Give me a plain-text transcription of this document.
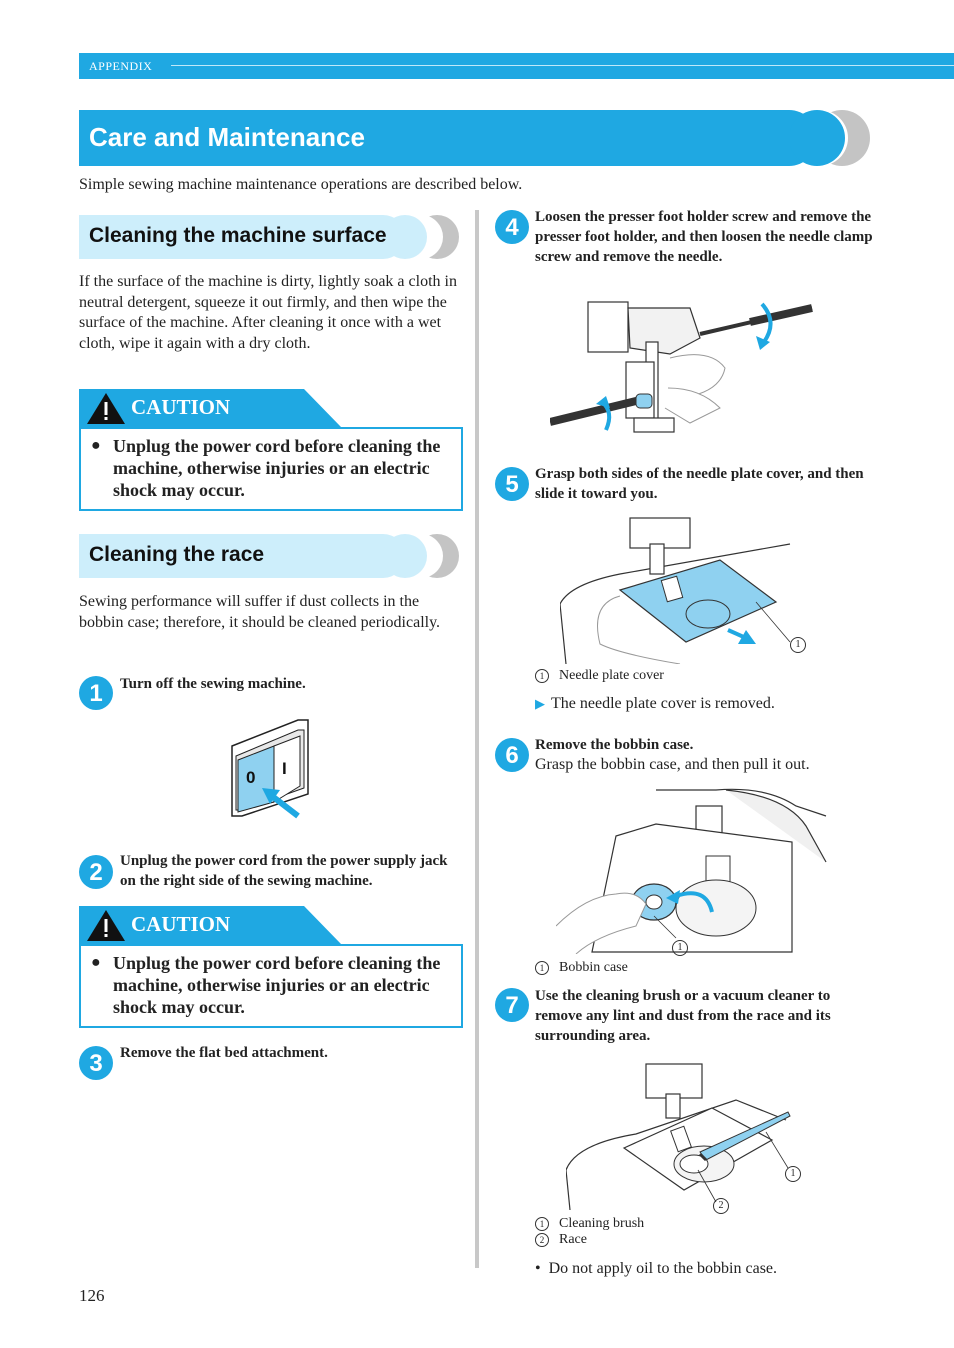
APPENDIX
Care and Maintenance
Simple sewing machine maintenance operations are described below.
Cleaning the machine surface
If the surface of the machine is dirty, lightly soak a cloth in neutral detergent, squeeze it out firmly, and then wipe the surface of the machine. After cleaning it once with a wet cloth, wipe it again with a dry cloth.
CAUTION
● Unplug the power cord before cleaning the machine, otherwise injuries or an electric shock may occur.
Cleaning the race
Sewing performance will suffer if dust collects in the bobbin case; therefore, it should be cleaned periodically.
1 Turn off the sewing machine.
0 I
2 Unplug the power cord from the power supply jack on the right side of the sewing machine.
CAUTION
● Unplug the power cord before cleaning the machine, otherwise injuries or an electric shock may occur.
3 Remove the flat bed attachment.
4 Loosen the presser foot holder screw and remove the presser foot holder, and then loosen the needle clamp screw and remove the needle.
5 Grasp both sides of the needle plate cover, and then slide it toward you.
1
1 Needle plate cover
▶ The needle plate cover is removed.
6 Remove the bobbin case.
Grasp the bobbin case, and then pull it out.
1
1 Bobbin case
7 Use the cleaning brush or a vacuum cleaner to remove any lint and dust from the race and its surrounding area.
1
2
1 Cleaning brush
2 Race
• Do not apply oil to the bobbin case.
126
